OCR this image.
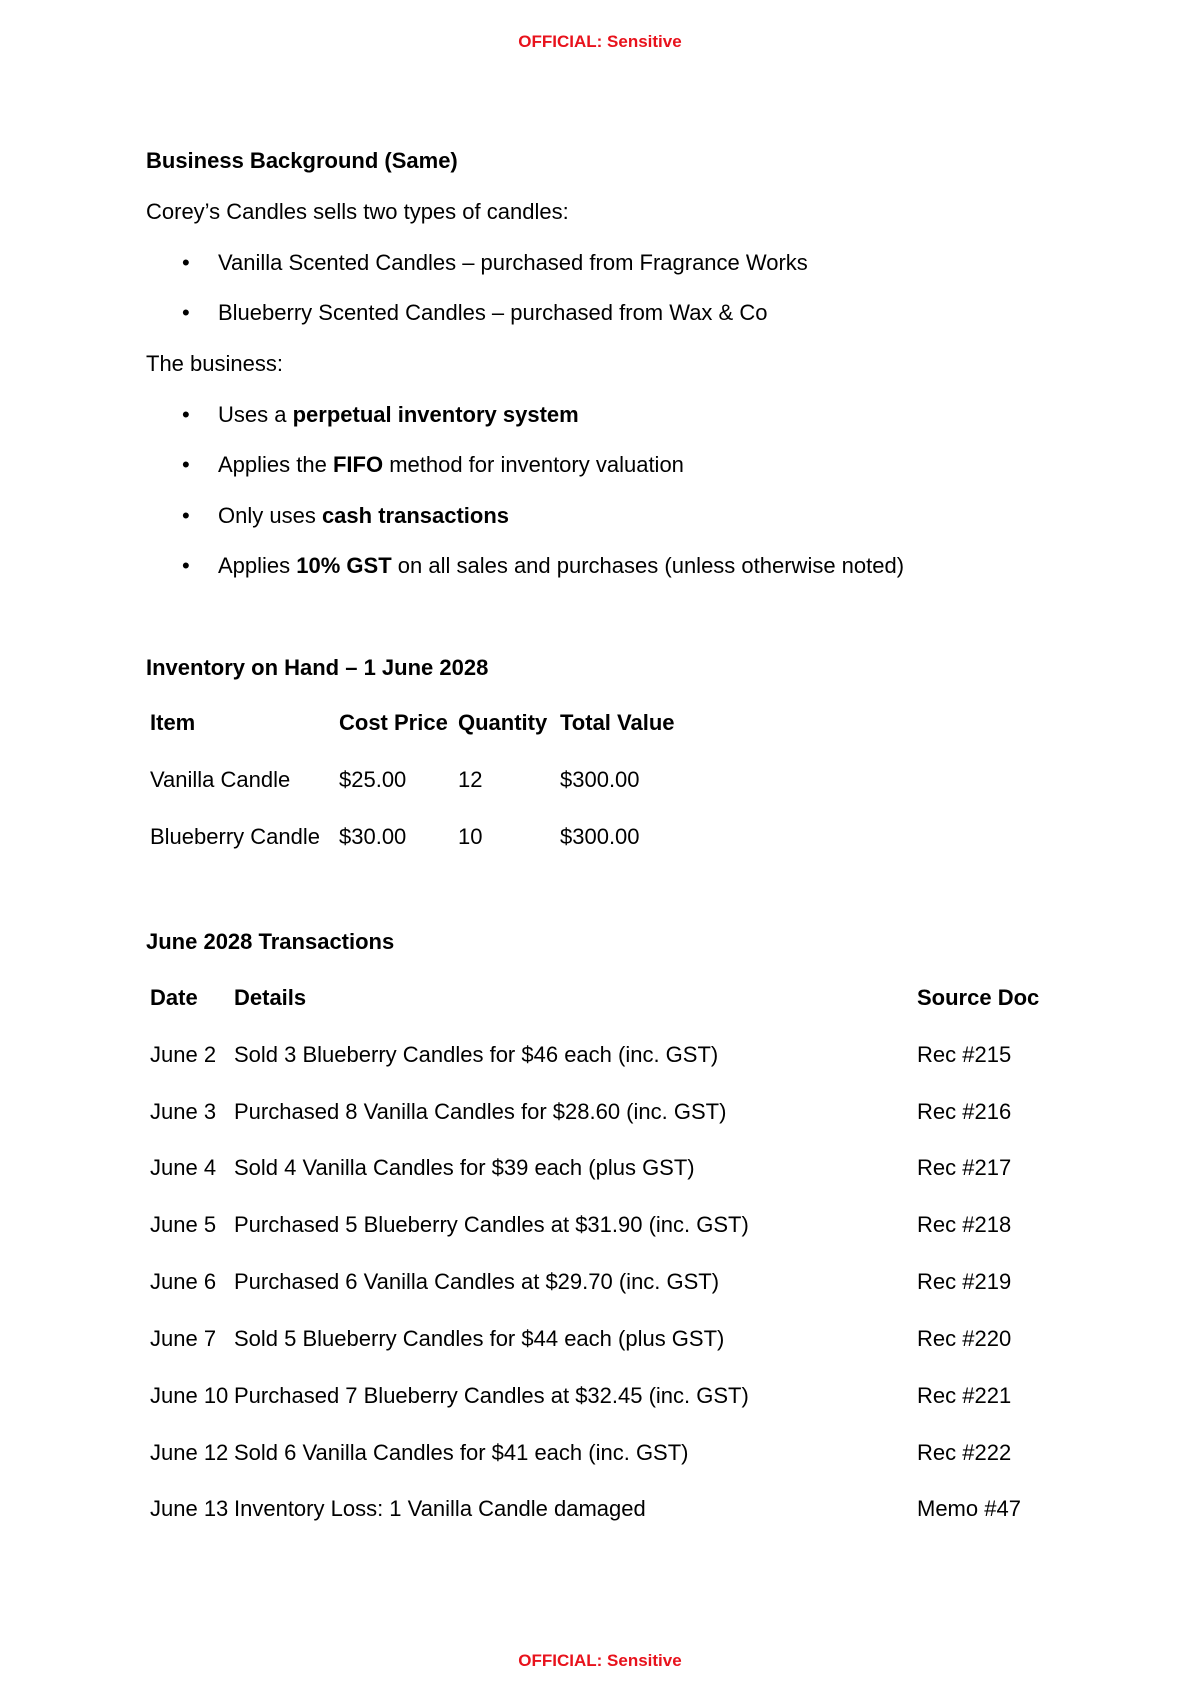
OFFICIAL: Sensitive
Business Background (Same)
Corey’s Candles sells two types of candles:
• Vanilla Scented Candles – purchased from Fragrance Works
• Blueberry Scented Candles – purchased from Wax & Co
The business:
• Uses a perpetual inventory system
• Applies the FIFO method for inventory valuation
• Only uses cash transactions
• Applies 10% GST on all sales and purchases (unless otherwise noted)
Inventory on Hand – 1 June 2028
Item	Cost Price Quantity Total Value
Vanilla Candle $25.00 12	$300.00
Blueberry Candle $30.00 10	$300.00
June 2028 Transactions
Date Details	Source Doc
June 2 Sold 3 Blueberry Candles for $46 each (inc. GST)	Rec #215
June 3 Purchased 8 Vanilla Candles for $28.60 (inc. GST)	Rec #216
June 4 Sold 4 Vanilla Candles for $39 each (plus GST)	Rec #217
June 5 Purchased 5 Blueberry Candles at $31.90 (inc. GST)	Rec #218
June 6 Purchased 6 Vanilla Candles at $29.70 (inc. GST)	Rec #219
June 7 Sold 5 Blueberry Candles for $44 each (plus GST)	Rec #220
June 10 Purchased 7 Blueberry Candles at $32.45 (inc. GST)	Rec #221
June 12 Sold 6 Vanilla Candles for $41 each (inc. GST)	Rec #222
June 13 Inventory Loss: 1 Vanilla Candle damaged	Memo #47
OFFICIAL: Sensitive
